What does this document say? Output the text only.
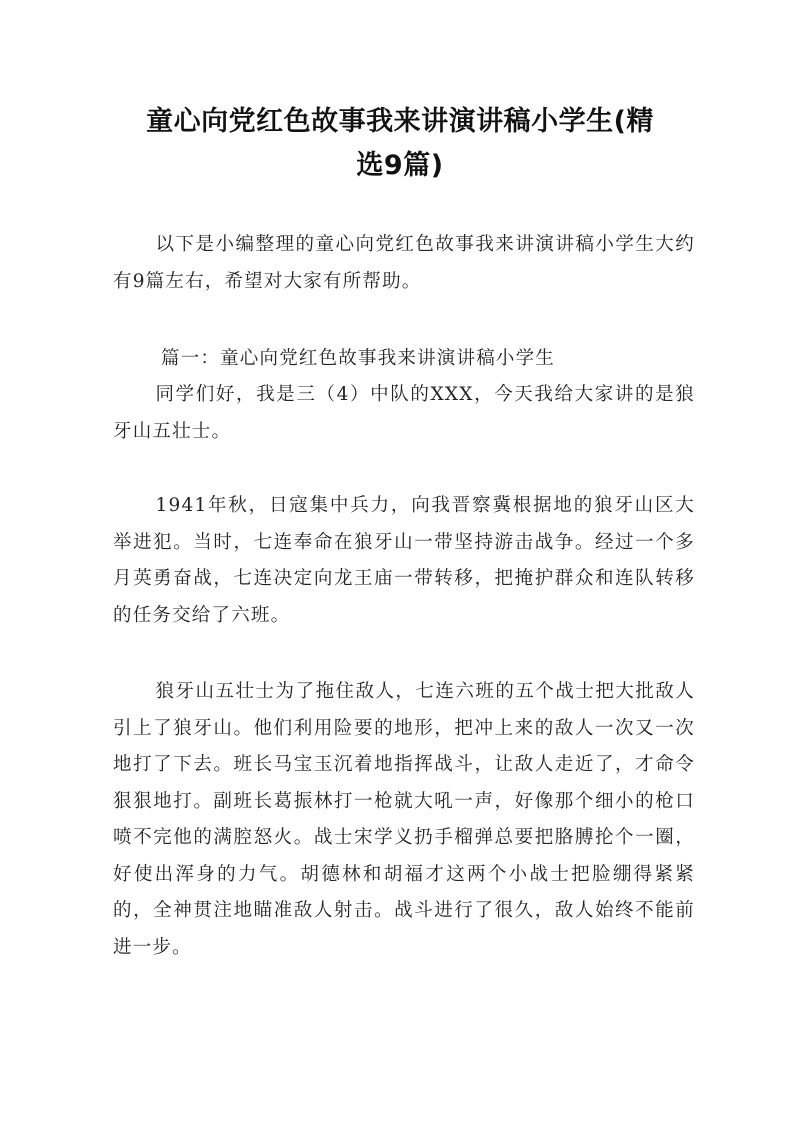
童心向党红色故事我来讲演讲稿小学生(精
选9篇)

以下是小编整理的童心向党红色故事我来讲演讲稿小学生大约有9篇左右，希望对大家有所帮助。

篇一：童心向党红色故事我来讲演讲稿小学生

同学们好，我是三（4）中队的XXX，今天我给大家讲的是狼牙山五壮士。

1941年秋，日寇集中兵力，向我晋察冀根据地的狼牙山区大举进犯。当时，七连奉命在狼牙山一带坚持游击战争。经过一个多月英勇奋战，七连决定向龙王庙一带转移，把掩护群众和连队转移的任务交给了六班。

狼牙山五壮士为了拖住敌人，七连六班的五个战士把大批敌人引上了狼牙山。他们利用险要的地形，把冲上来的敌人一次又一次地打了下去。班长马宝玉沉着地指挥战斗，让敌人走近了，才命令狠狠地打。副班长葛振林打一枪就大吼一声，好像那个细小的枪口喷不完他的满腔怒火。战士宋学义扔手榴弹总要把胳膊抡个一圈，好使出浑身的力气。胡德林和胡福才这两个小战士把脸绷得紧紧的，全神贯注地瞄准敌人射击。战斗进行了很久，敌人始终不能前进一步。
